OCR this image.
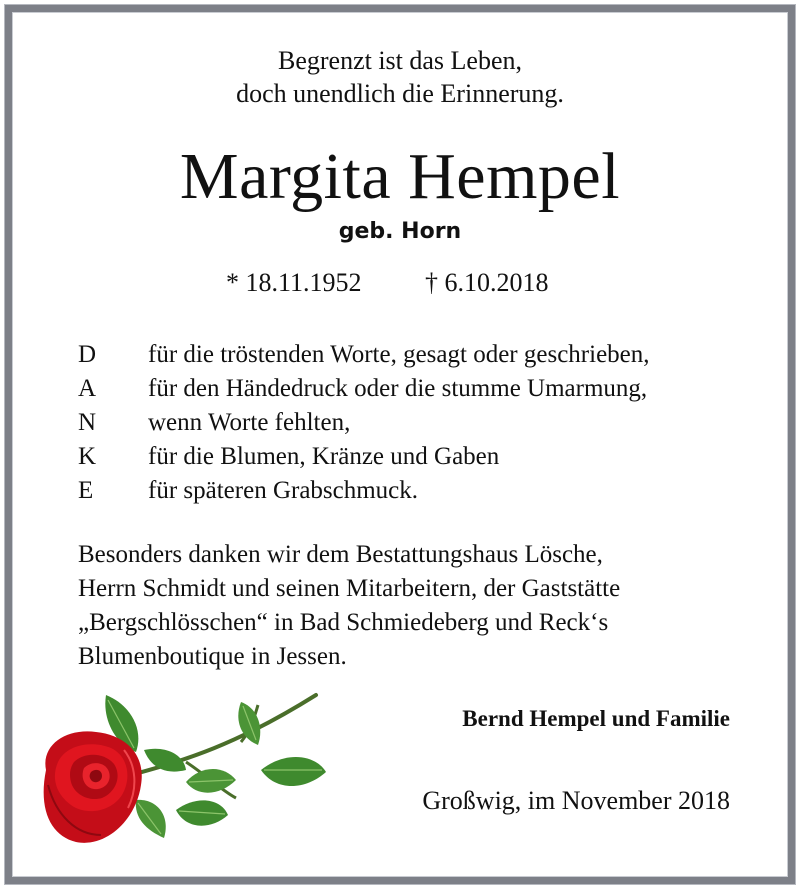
Begrenzt ist das Leben,
doch unendlich die Erinnerung.
Margita Hempel
geb. Horn
* 18.11.1952 † 6.10.2018
D	für die tröstenden Worte, gesagt oder geschrieben,
A	für den Händedruck oder die stumme Umarmung,
N	wenn Worte fehlten,
K	für die Blumen, Kränze und Gaben
E	für späteren Grabschmuck.
Besonders danken wir dem Bestattungshaus Lösche,
Herrn Schmidt und seinen Mitarbeitern, der Gaststätte
„Bergschlösschen“ in Bad Schmiedeberg und Reck‘s
Blumenboutique in Jessen.
Bernd Hempel und Familie
Großwig, im November 2018
